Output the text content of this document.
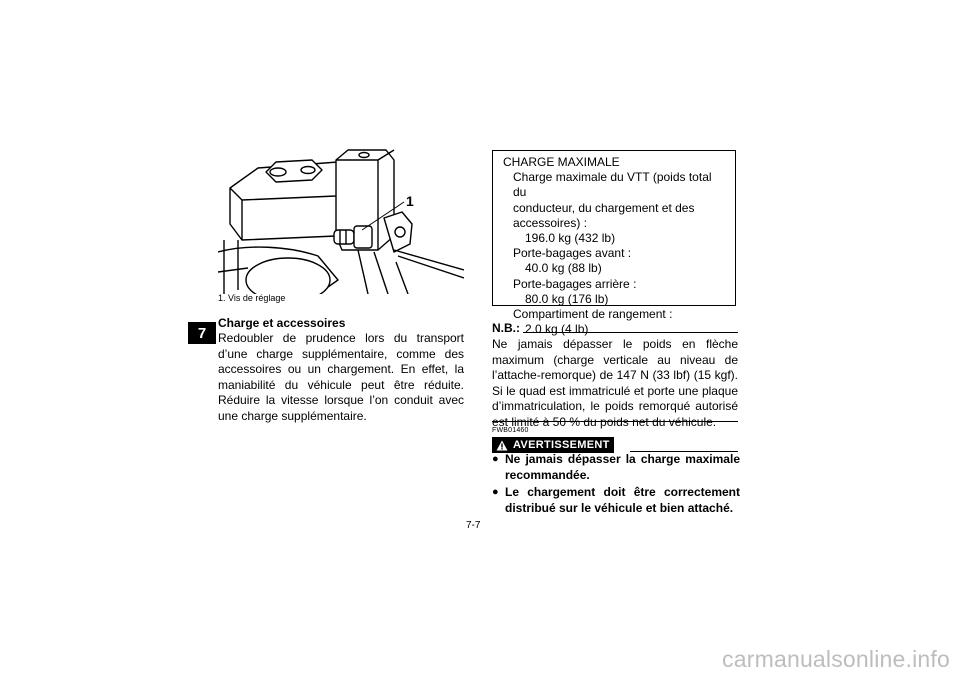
7
1
1. Vis de réglage
Charge et accessoires
Redoubler de prudence lors du transport d’une charge supplémentaire, comme des accessoires ou un chargement. En effet, la maniabilité du véhicule peut être réduite. Réduire la vitesse lorsque l’on conduit avec une charge supplémentaire.
CHARGE MAXIMALE
Charge maximale du VTT (poids total du
conducteur, du chargement et des
accessoires) :
196.0 kg (432 lb)
Porte-bagages avant :
40.0 kg (88 lb)
Porte-bagages arrière :
80.0 kg (176 lb)
Compartiment de rangement :
2.0 kg (4 lb)
N.B.:
Ne jamais dépasser le poids en flèche maximum (charge verticale au niveau de l’attache-remorque) de 147 N (33 lbf) (15 kgf). Si le quad est immatriculé et porte une plaque d’immatriculation, le poids remorqué autorisé est limité à 50 % du poids net du véhicule.
FWB01460
AVERTISSEMENT
● Ne jamais dépasser la charge maximale recommandée.
● Le chargement doit être correctement distribué sur le véhicule et bien attaché.
7-7
carmanualsonline.info
